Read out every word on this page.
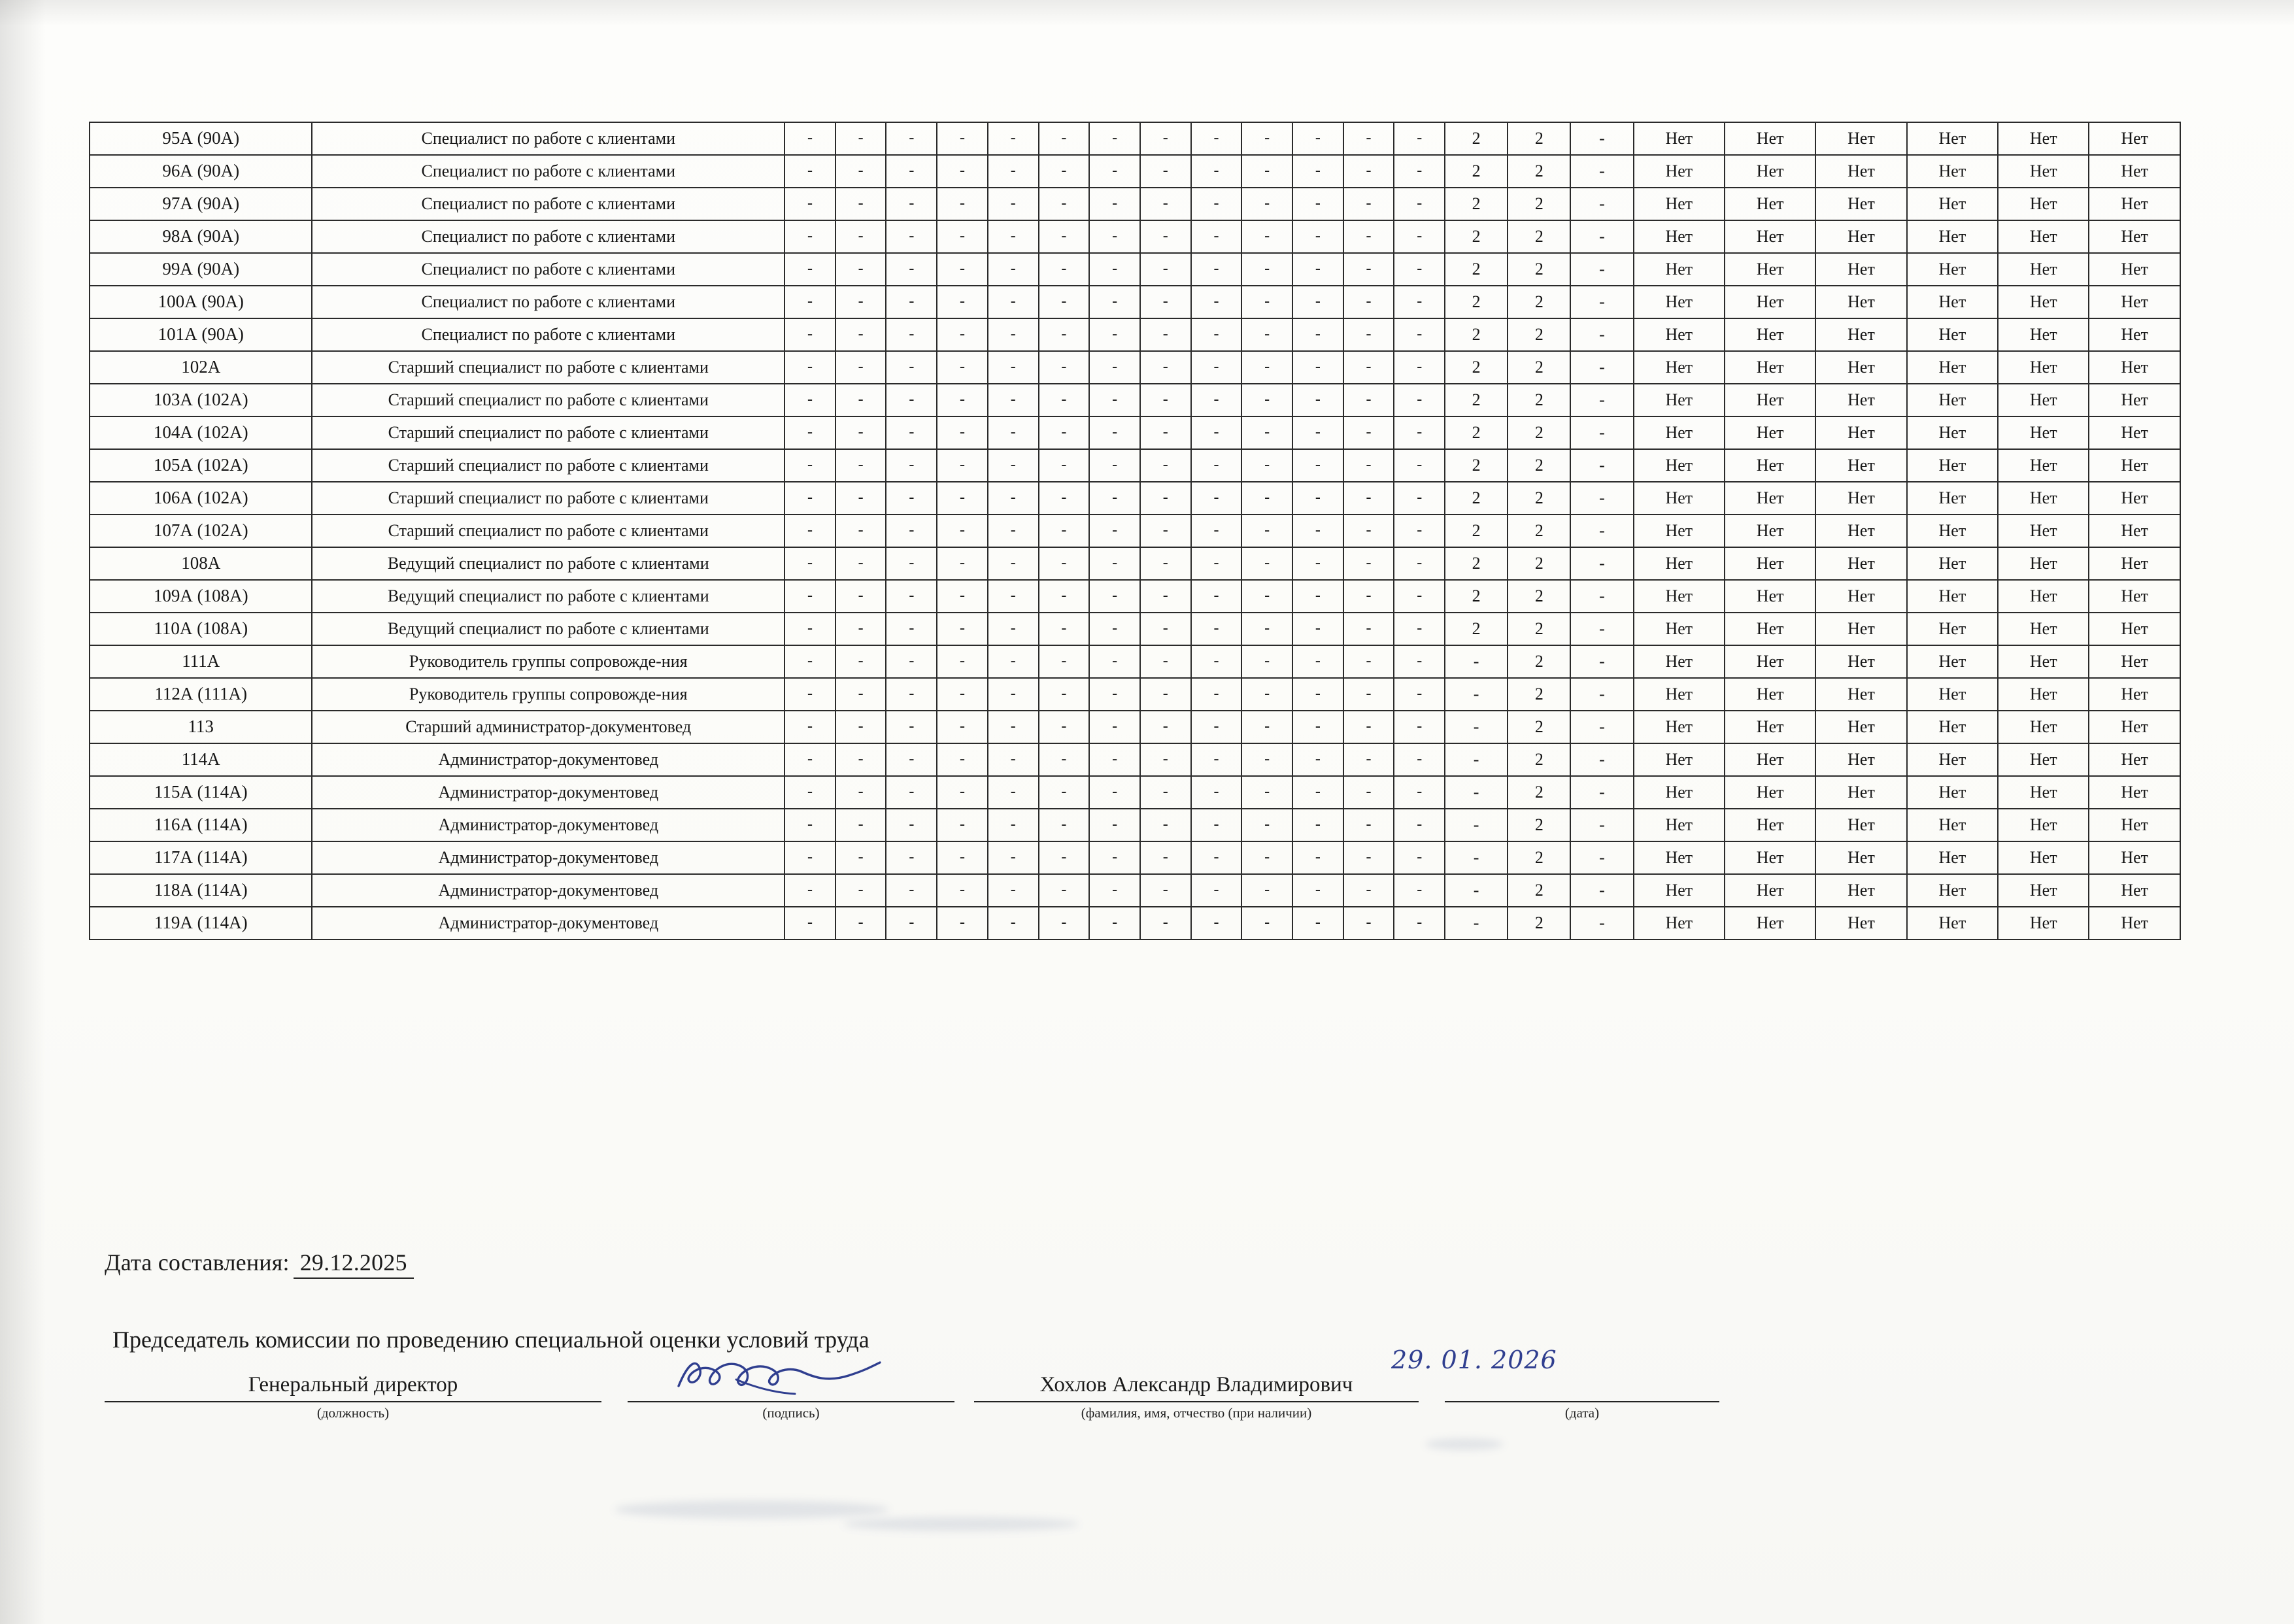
95А (90А)	Специалист по работе с клиентами	-	-	-	-	-	-	-	-	-	-	-	-	-	2	2	-	Нет	Нет	Нет	Нет	Нет	Нет
96А (90А)	Специалист по работе с клиентами	-	-	-	-	-	-	-	-	-	-	-	-	-	2	2	-	Нет	Нет	Нет	Нет	Нет	Нет
97А (90А)	Специалист по работе с клиентами	-	-	-	-	-	-	-	-	-	-	-	-	-	2	2	-	Нет	Нет	Нет	Нет	Нет	Нет
98А (90А)	Специалист по работе с клиентами	-	-	-	-	-	-	-	-	-	-	-	-	-	2	2	-	Нет	Нет	Нет	Нет	Нет	Нет
99А (90А)	Специалист по работе с клиентами	-	-	-	-	-	-	-	-	-	-	-	-	-	2	2	-	Нет	Нет	Нет	Нет	Нет	Нет
100А (90А)	Специалист по работе с клиентами	-	-	-	-	-	-	-	-	-	-	-	-	-	2	2	-	Нет	Нет	Нет	Нет	Нет	Нет
101А (90А)	Специалист по работе с клиентами	-	-	-	-	-	-	-	-	-	-	-	-	-	2	2	-	Нет	Нет	Нет	Нет	Нет	Нет
102А	Старший специалист по работе с клиентами	-	-	-	-	-	-	-	-	-	-	-	-	-	2	2	-	Нет	Нет	Нет	Нет	Нет	Нет
103А (102А)	Старший специалист по работе с клиентами	-	-	-	-	-	-	-	-	-	-	-	-	-	2	2	-	Нет	Нет	Нет	Нет	Нет	Нет
104А (102А)	Старший специалист по работе с клиентами	-	-	-	-	-	-	-	-	-	-	-	-	-	2	2	-	Нет	Нет	Нет	Нет	Нет	Нет
105А (102А)	Старший специалист по работе с клиентами	-	-	-	-	-	-	-	-	-	-	-	-	-	2	2	-	Нет	Нет	Нет	Нет	Нет	Нет
106А (102А)	Старший специалист по работе с клиентами	-	-	-	-	-	-	-	-	-	-	-	-	-	2	2	-	Нет	Нет	Нет	Нет	Нет	Нет
107А (102А)	Старший специалист по работе с клиентами	-	-	-	-	-	-	-	-	-	-	-	-	-	2	2	-	Нет	Нет	Нет	Нет	Нет	Нет
108А	Ведущий специалист по работе с клиентами	-	-	-	-	-	-	-	-	-	-	-	-	-	2	2	-	Нет	Нет	Нет	Нет	Нет	Нет
109А (108А)	Ведущий специалист по работе с клиентами	-	-	-	-	-	-	-	-	-	-	-	-	-	2	2	-	Нет	Нет	Нет	Нет	Нет	Нет
110А (108А)	Ведущий специалист по работе с клиентами	-	-	-	-	-	-	-	-	-	-	-	-	-	2	2	-	Нет	Нет	Нет	Нет	Нет	Нет
111А	Руководитель группы сопровожде-ния	-	-	-	-	-	-	-	-	-	-	-	-	-	-	2	-	Нет	Нет	Нет	Нет	Нет	Нет
112А (111А)	Руководитель группы сопровожде-ния	-	-	-	-	-	-	-	-	-	-	-	-	-	-	2	-	Нет	Нет	Нет	Нет	Нет	Нет
113	Старший администратор-документовед	-	-	-	-	-	-	-	-	-	-	-	-	-	-	2	-	Нет	Нет	Нет	Нет	Нет	Нет
114А	Администратор-документовед	-	-	-	-	-	-	-	-	-	-	-	-	-	-	2	-	Нет	Нет	Нет	Нет	Нет	Нет
115А (114А)	Администратор-документовед	-	-	-	-	-	-	-	-	-	-	-	-	-	-	2	-	Нет	Нет	Нет	Нет	Нет	Нет
116А (114А)	Администратор-документовед	-	-	-	-	-	-	-	-	-	-	-	-	-	-	2	-	Нет	Нет	Нет	Нет	Нет	Нет
117А (114А)	Администратор-документовед	-	-	-	-	-	-	-	-	-	-	-	-	-	-	2	-	Нет	Нет	Нет	Нет	Нет	Нет
118А (114А)	Администратор-документовед	-	-	-	-	-	-	-	-	-	-	-	-	-	-	2	-	Нет	Нет	Нет	Нет	Нет	Нет
119А (114А)	Администратор-документовед	-	-	-	-	-	-	-	-	-	-	-	-	-	-	2	-	Нет	Нет	Нет	Нет	Нет	Нет
Дата составления: 29.12.2025
Председатель комиссии по проведению специальной оценки условий труда
Генеральный директор
(должность)
	(подпись)
Хохлов Александр Владимирович
(фамилия, имя, отчество (при наличии)
	(дата)
29. 01. 2026
